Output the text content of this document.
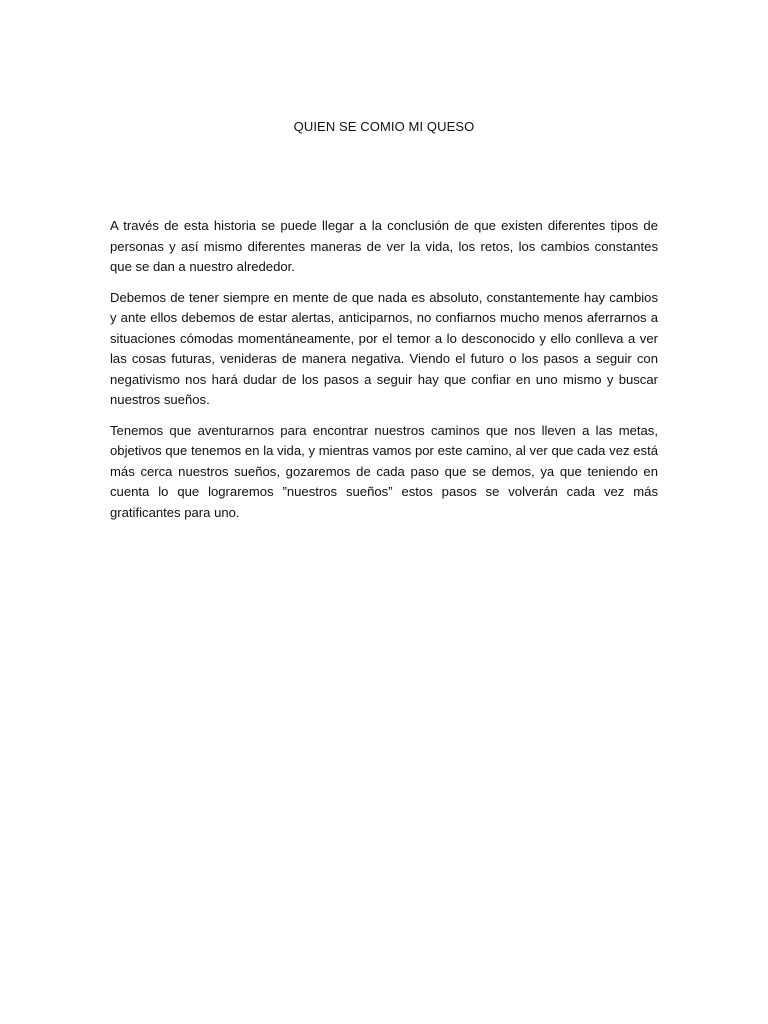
QUIEN SE COMIO MI QUESO

A través de esta historia se puede llegar a la conclusión de que existen diferentes tipos de personas y así mismo diferentes maneras de ver la vida, los retos, los cambios constantes que se dan a nuestro alrededor.

Debemos de tener siempre en mente de que nada es absoluto, constantemente hay cambios y ante ellos debemos de estar alertas, anticiparnos, no confiarnos mucho menos aferrarnos a situaciones cómodas momentáneamente, por el temor a lo desconocido y ello conlleva a ver las cosas futuras, venideras de manera negativa. Viendo el futuro o los pasos a seguir con negativismo nos hará dudar de los pasos a seguir hay que confiar en uno mismo y buscar nuestros sueños.

Tenemos que aventurarnos para encontrar nuestros caminos que nos lleven a las metas, objetivos que tenemos en la vida, y mientras vamos por este camino, al ver que cada vez está más cerca nuestros sueños, gozaremos de cada paso que se demos, ya que teniendo en cuenta lo que lograremos ”nuestros sueños” estos pasos se volverán cada vez más gratificantes para uno.
